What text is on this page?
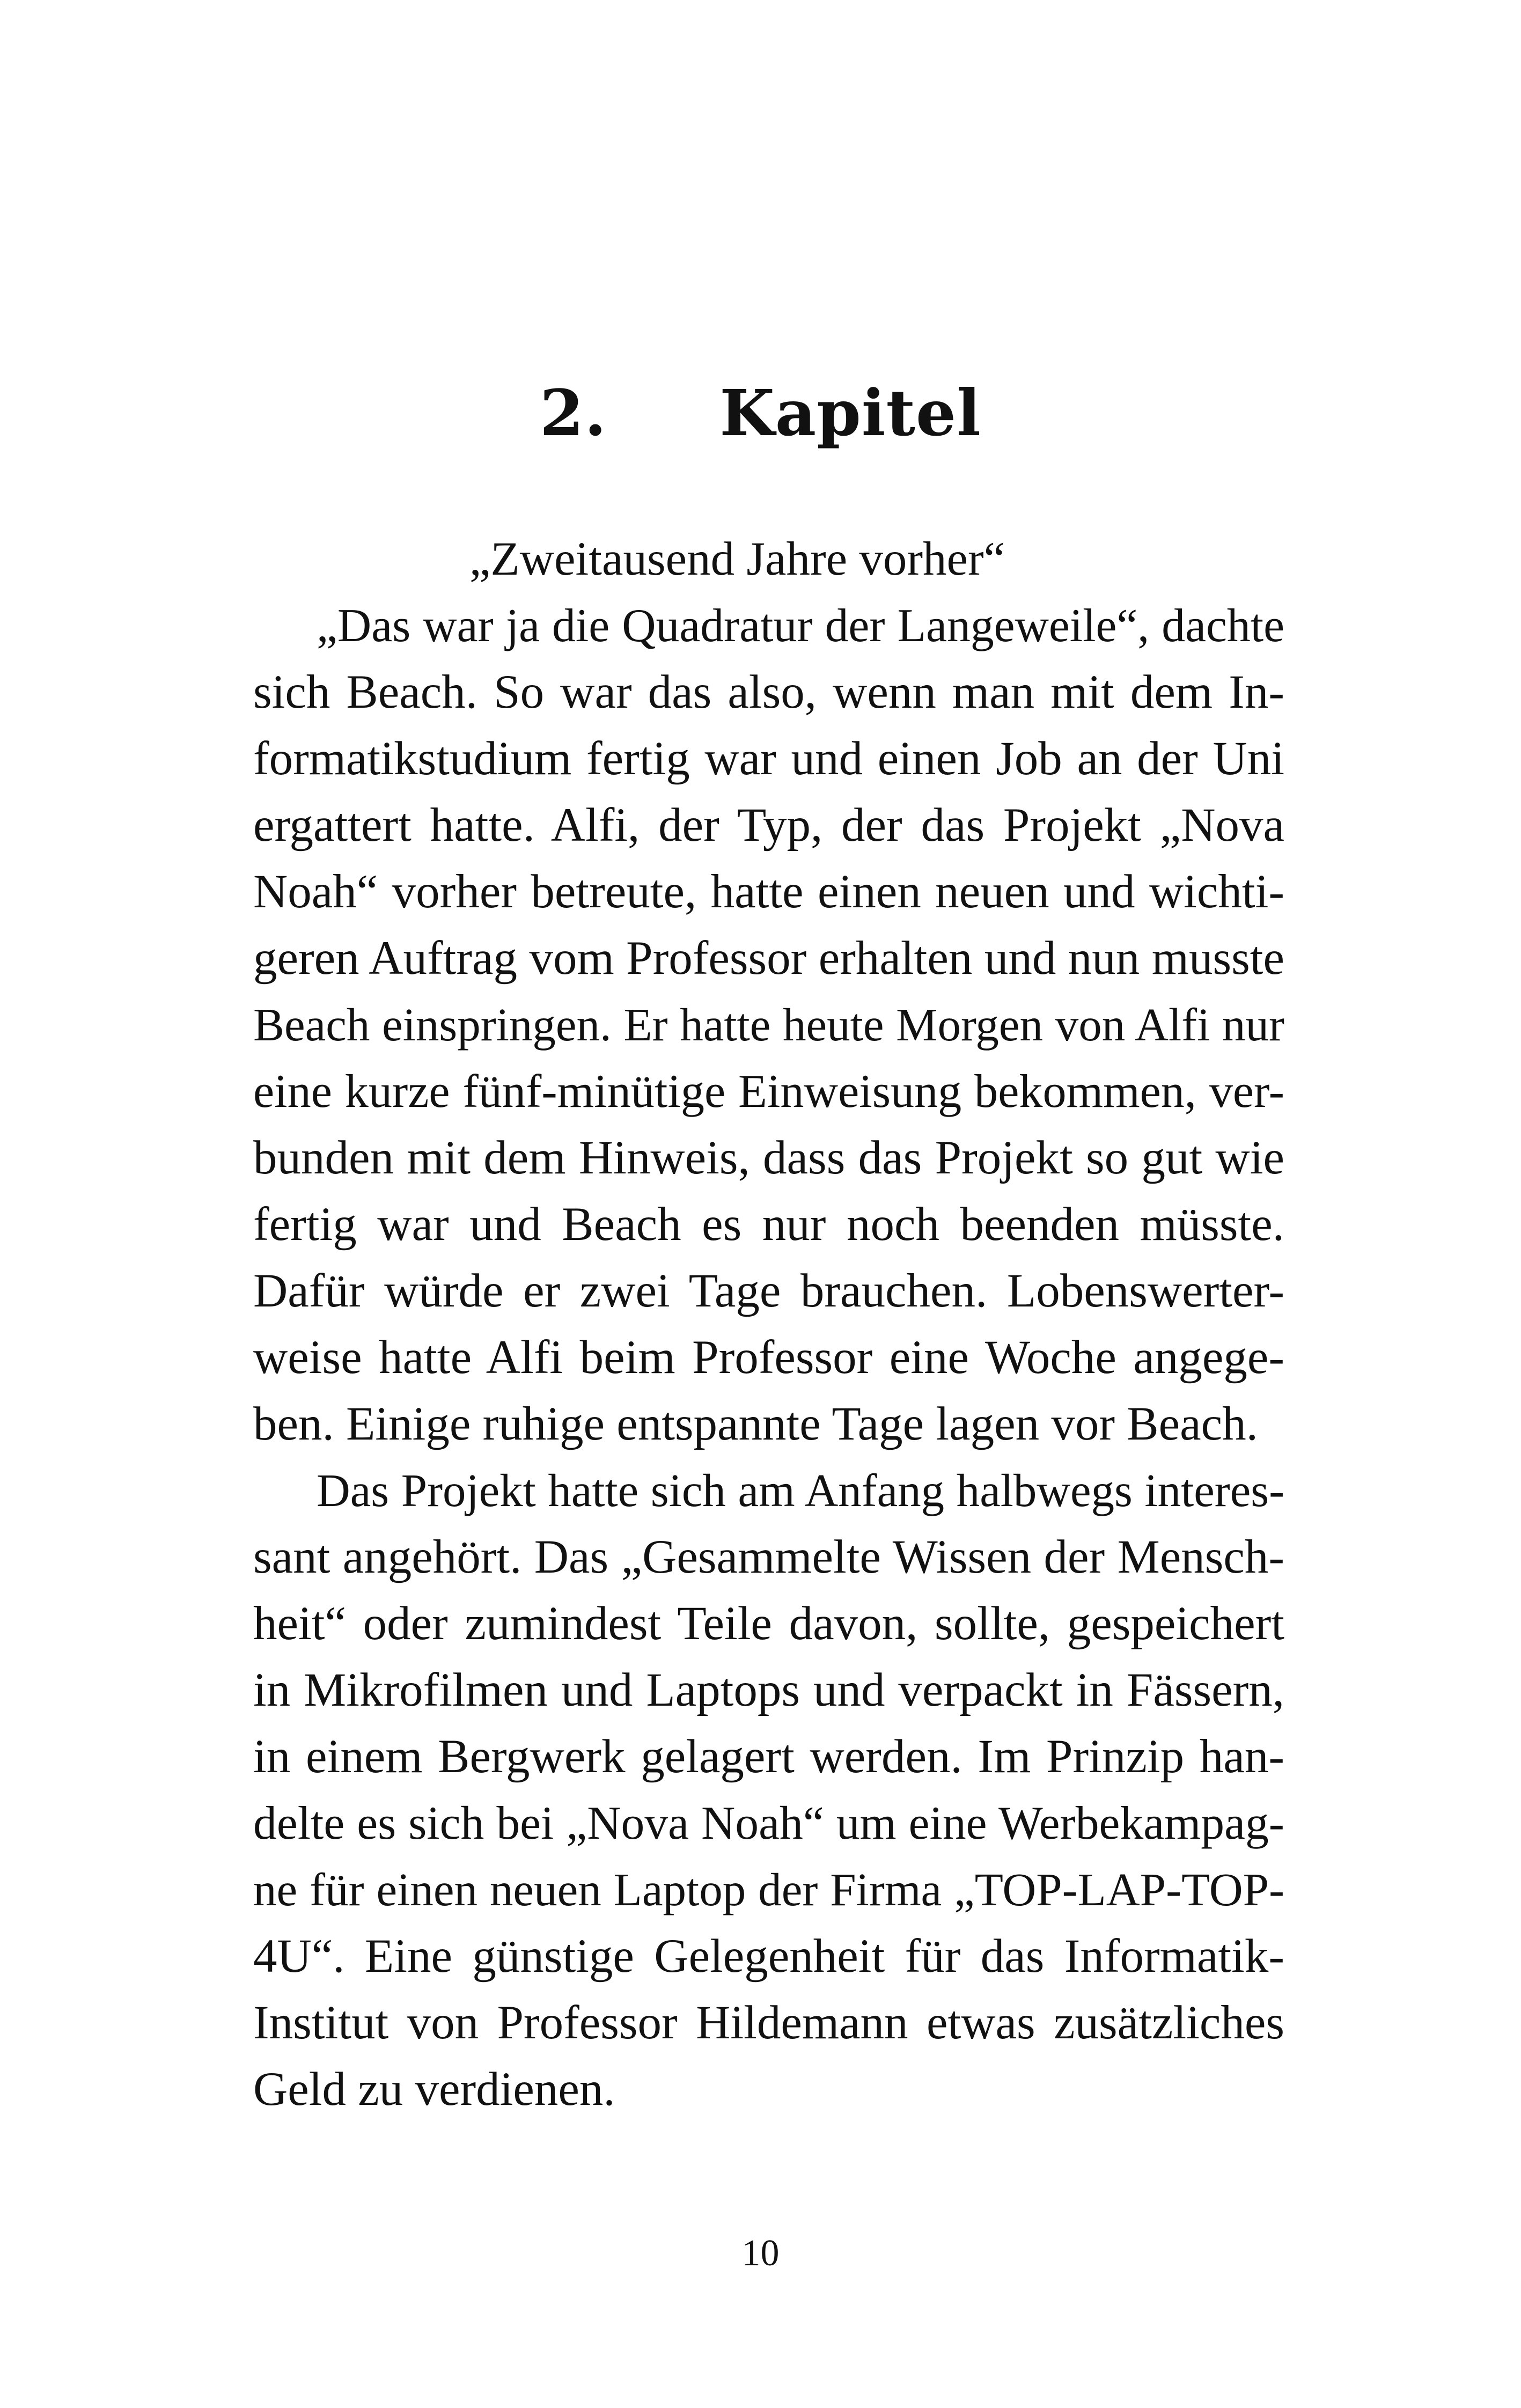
2. Kapitel
„Zweitausend Jahre vorher“
„Das war ja die Quadratur der Langeweile“, dachte
sich Beach. So war das also, wenn man mit dem In-
formatikstudium fertig war und einen Job an der Uni
ergattert hatte. Alfi, der Typ, der das Projekt „Nova
Noah“ vorher betreute, hatte einen neuen und wichti-
geren Auftrag vom Professor erhalten und nun musste
Beach einspringen. Er hatte heute Morgen von Alfi nur
eine kurze fünf-minütige Einweisung bekommen, ver-
bunden mit dem Hinweis, dass das Projekt so gut wie
fertig war und Beach es nur noch beenden müsste.
Dafür würde er zwei Tage brauchen. Lobenswerter-
weise hatte Alfi beim Professor eine Woche angege-
ben. Einige ruhige entspannte Tage lagen vor Beach.
Das Projekt hatte sich am Anfang halbwegs interes-
sant angehört. Das „Gesammelte Wissen der Mensch-
heit“ oder zumindest Teile davon, sollte, gespeichert
in Mikrofilmen und Laptops und verpackt in Fässern,
in einem Bergwerk gelagert werden. Im Prinzip han-
delte es sich bei „Nova Noah“ um eine Werbekampag-
ne für einen neuen Laptop der Firma „TOP-LAP-TOP-
4U“. Eine günstige Gelegenheit für das Informatik-
Institut von Professor Hildemann etwas zusätzliches
Geld zu verdienen.
10
